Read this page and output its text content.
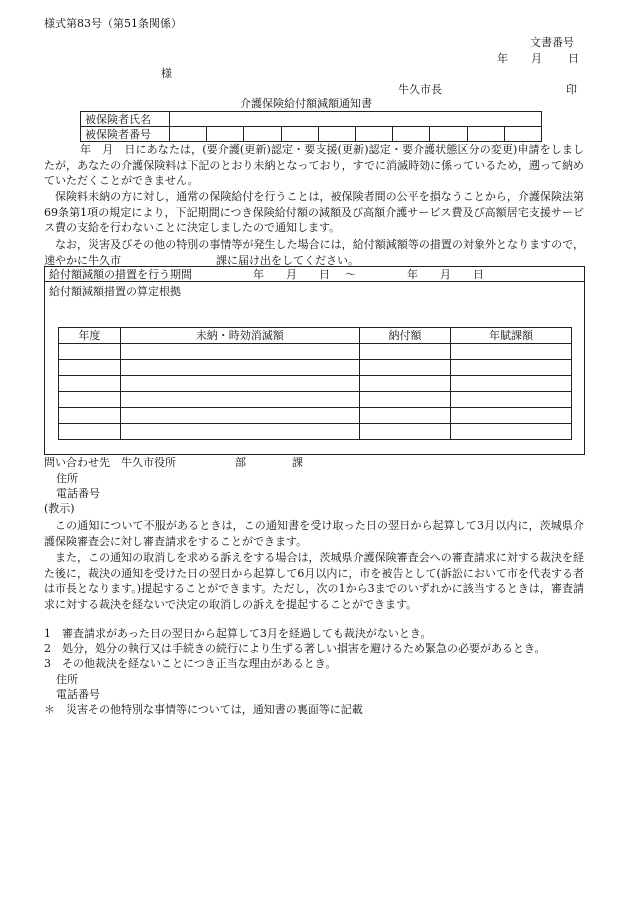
様式第83号（第51条関係）
文書番号
年 月 日
様
牛久市長	印
介護保険給付額減額通知書
被保険者氏名										
被保険者番号										
年　月　日にあなたは，(要介護(更新)認定・要支援(更新)認定・要介護状態区分の変更)申請をしましたが，あなたの介護保険料は下記のとおり未納となっており，すでに消滅時効に係っているため，遡って納めていただくことができません。
保険料未納の方に対し，通常の保険給付を行うことは，被保険者間の公平を損なうことから，介護保険法第69条第1項の規定により，下記期間につき保険給付額の減額及び高額介護サービス費及び高額居宅支援サービス費の支給を行わないことに決定しましたので通知します。
なお，災害及びその他の特別の事情等が発生した場合には，給付額減額等の措置の対象外となりますので，速やかに牛久市	課に届け出をしてください。
給付額減額の措置を行う期間	年　　月　　日 ～	年　　月　　日
給付額減額措置の算定根拠
年度	未納・時効消滅額	納付額	年賦課額

問い合わせ先　牛久市役所	部	課
住所
電話番号
(教示)
この通知について不服があるときは，この通知書を受け取った日の翌日から起算して3月以内に，茨城県介護保険審査会に対し審査請求をすることができます。
また，この通知の取消しを求める訴えをする場合は，茨城県介護保険審査会への審査請求に対する裁決を経た後に，裁決の通知を受けた日の翌日から起算して6月以内に，市を被告として(訴訟において市を代表する者は市長となります。)提起することができます。ただし，次の1から3までのいずれかに該当するときは，審査請求に対する裁決を経ないで決定の取消しの訴えを提起することができます。
1　審査請求があった日の翌日から起算して3月を経過しても裁決がないとき。
2　処分，処分の執行又は手続きの続行により生ずる著しい損害を避けるため緊急の必要があるとき。
3　その他裁決を経ないことにつき正当な理由があるとき。
住所
電話番号
＊　災害その他特別な事情等については，通知書の裏面等に記載
